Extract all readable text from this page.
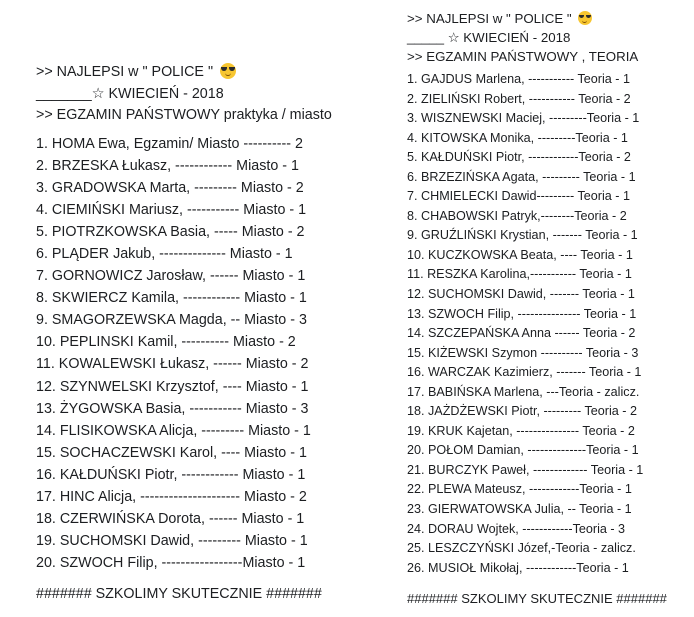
>> NAJLEPSI w " POLICE "
_______☆ KWIECIEŃ - 2018
>> EGZAMIN PAŃSTWOWY praktyka / miasto
1. HOMA Ewa, Egzamin/ Miasto ---------- 2
2. BRZESKA Łukasz, ------------ Miasto - 1
3. GRADOWSKA Marta, --------- Miasto - 2
4. CIEMIŃSKI Mariusz, ----------- Miasto - 1
5. PIOTRZKOWSKA Basia, ----- Miasto - 2
6. PLĄDER Jakub, -------------- Miasto - 1
7. GORNOWICZ Jarosław, ------ Miasto - 1
8. SKWIERCZ Kamila, ------------ Miasto - 1
9. SMAGORZEWSKA Magda, -- Miasto - 3
10. PEPLINSKI Kamil, ---------- Miasto - 2
11. KOWALEWSKI Łukasz, ------ Miasto - 2
12. SZYNWELSKI Krzysztof, ---- Miasto - 1
13. ŻYGOWSKA Basia, ----------- Miasto - 3
14. FLISIKOWSKA Alicja, --------- Miasto - 1
15. SOCHACZEWSKI Karol, ---- Miasto - 1
16. KAŁDUŃSKI Piotr, ------------ Miasto - 1
17. HINC Alicja, --------------------- Miasto - 2
18. CZERWIŃSKA Dorota, ------ Miasto - 1
19. SUCHOMSKI Dawid, --------- Miasto - 1
20. SZWOCH Filip, -----------------Miasto - 1
####### SZKOLIMY SKUTECZNIE #######
>> NAJLEPSI w " POLICE "
_____ ☆ KWIECIEŃ - 2018
>> EGZAMIN PAŃSTWOWY , TEORIA
1. GAJDUS Marlena, ----------- Teoria - 1
2. ZIELIŃSKI Robert, ----------- Teoria - 2
3. WISZNEWSKI Maciej, ---------Teoria - 1
4. KITOWSKA Monika, ---------Teoria - 1
5. KAŁDUŃSKI Piotr, ------------Teoria - 2
6. BRZEZIŃSKA Agata, --------- Teoria - 1
7. CHMIELECKI Dawid--------- Teoria - 1
8. CHABOWSKI Patryk,--------Teoria - 2
9. GRUŹLIŃSKI Krystian, ------- Teoria - 1
10. KUCZKOWSKA Beata, ---- Teoria - 1
11. RESZKA Karolina,----------- Teoria - 1
12. SUCHOMSKI Dawid, ------- Teoria - 1
13. SZWOCH Filip, --------------- Teoria - 1
14. SZCZEPAŃSKA Anna ------ Teoria - 2
15. KIŻEWSKI Szymon ---------- Teoria - 3
16. WARCZAK Kazimierz, ------- Teoria - 1
17. BABIŃSKA Marlena, ---Teoria - zalicz.
18. JAŻDŻEWSKI Piotr, --------- Teoria - 2
19. KRUK Kajetan, --------------- Teoria - 2
20. POŁOM Damian, --------------Teoria - 1
21. BURCZYK Paweł, ------------- Teoria - 1
22. PLEWA Mateusz, ------------Teoria - 1
23. GIERWATOWSKA Julia, -- Teoria - 1
24. DORAU Wojtek, ------------Teoria - 3
25. LESZCZYŃSKI Józef,-Teoria - zalicz.
26. MUSIOŁ Mikołaj, ------------Teoria - 1
####### SZKOLIMY SKUTECZNIE #######
